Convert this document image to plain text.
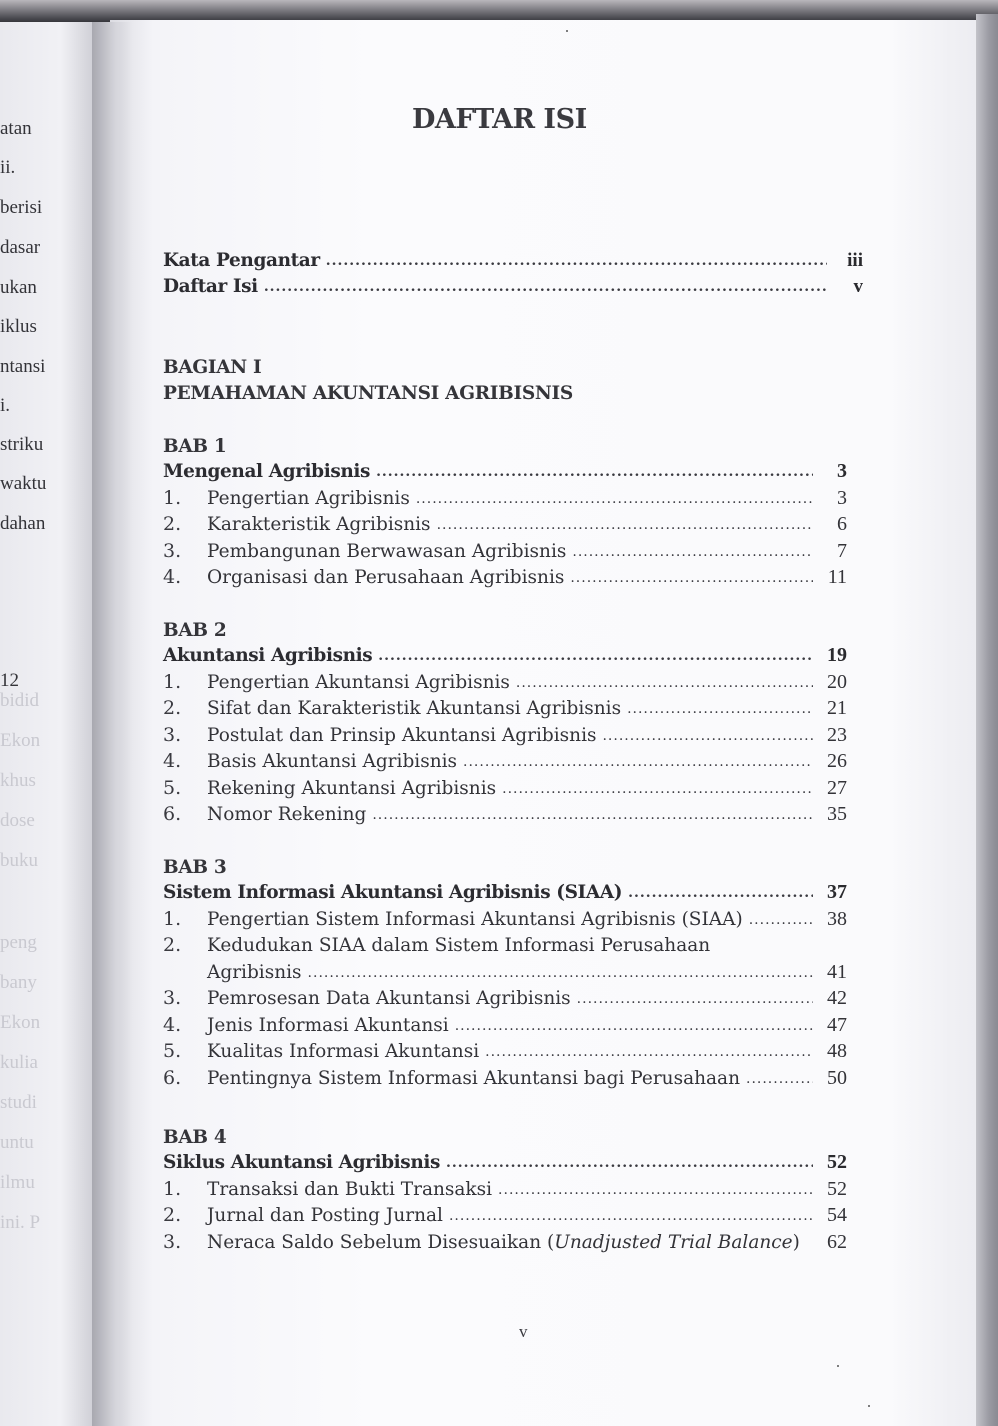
atan
ii.
berisi
dasar
ukan
iklus
ntansi
i.
striku
waktu
dahan
12
bidid
Ekon
khus
dose
buku
peng
bany
Ekon
kulia
studi
untu
ilmu
ini. P
DAFTAR ISI
Kata Pengantar .....	iii
Daftar Isi .....	v
BAGIAN I
PEMAHAMAN AKUNTANSI AGRIBISNIS
BAB 1
Mengenal Agribisnis .....	3
1.	Pengertian Agribisnis .....	3
2.	Karakteristik Agribisnis .....	6
3.	Pembangunan Berwawasan Agribisnis .....	7
4.	Organisasi dan Perusahaan Agribisnis .....	11
BAB 2
Akuntansi Agribisnis .....	19
1.	Pengertian Akuntansi Agribisnis .....	20
2.	Sifat dan Karakteristik Akuntansi Agribisnis .....	21
3.	Postulat dan Prinsip Akuntansi Agribisnis .....	23
4.	Basis Akuntansi Agribisnis .....	26
5.	Rekening Akuntansi Agribisnis .....	27
6.	Nomor Rekening .....	35
BAB 3
Sistem Informasi Akuntansi Agribisnis (SIAA) .....	37
1.	Pengertian Sistem Informasi Akuntansi Agribisnis (SIAA) .....	38
2.	Kedudukan SIAA dalam Sistem Informasi Perusahaan
Agribisnis .....	41
3.	Pemrosesan Data Akuntansi Agribisnis .....	42
4.	Jenis Informasi Akuntansi .....	47
5.	Kualitas Informasi Akuntansi .....	48
6.	Pentingnya Sistem Informasi Akuntansi bagi Perusahaan .....	50
BAB 4
Siklus Akuntansi Agribisnis .....	52
1.	Transaksi dan Bukti Transaksi .....	52
2.	Jurnal dan Posting Jurnal .....	54
3.	Neraca Saldo Sebelum Disesuaikan (Unadjusted Trial Balance)	62
v
